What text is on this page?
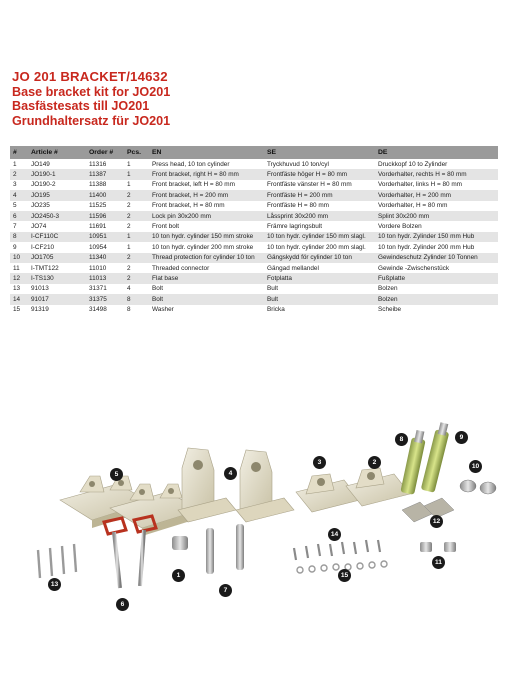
JO 201 BRACKET/14632
Base bracket kit for JO201
Basfästesats till JO201
Grundhaltersatz für JO201
#	Article #	Order #	Pcs.	EN	SE	DE
1	JO149	11316	1	Press head, 10 ton cylinder	Tryckhuvud 10 ton/cyl	Druckkopf 10 to Zylinder
2	JO190-1	11387	1	Front bracket, right H = 80 mm	Frontfäste höger H = 80 mm	Vorderhalter, rechts H = 80 mm
3	JO190-2	11388	1	Front bracket, left H = 80 mm	Frontfäste vänster H = 80 mm	Vorderhalter, links H = 80 mm
4	JO195	11400	2	Front bracket, H = 200 mm	Frontfäste H = 200 mm	Vorderhalter, H = 200 mm
5	JO235	11525	2	Front bracket, H = 80 mm	Frontfäste H = 80 mm	Vorderhalter, H = 80 mm
6	JO2450-3	11596	2	Lock pin 30x200 mm	Låssprint 30x200 mm	Splint 30x200 mm
7	JO74	11691	2	Front bolt	Främre lagringsbult	Vordere Bolzen
8	I-CF110C	10951	1	10 ton hydr. cylinder 150 mm stroke	10 ton hydr. cylinder 150 mm slagl.	10 ton hydr. Zylinder 150 mm Hub
9	I-CF210	10954	1	10 ton hydr. cylinder 200 mm stroke	10 ton hydr. cylinder 200 mm slagl.	10 ton hydr. Zylinder 200 mm Hub
10	JO1705	11340	2	Thread protection for cylinder 10 ton	Gängskydd för cylinder 10 ton	Gewindeschutz Zylinder 10 Tonnen
11	I-TMT122	11010	2	Threaded connector	Gängad mellandel	Gewinde -Zwischenstück
12	I-TS130	11013	2	Flat base	Fotplatta	Fußplatte
13	91013	31371	4	Bolt	Bult	Bolzen
14	91017	31375	8	Bolt	Bult	Bolzen
15	91319	31498	8	Washer	Bricka	Scheibe
5	4
3	2
8	9
10
12
14
11
1
13
6
7
15
